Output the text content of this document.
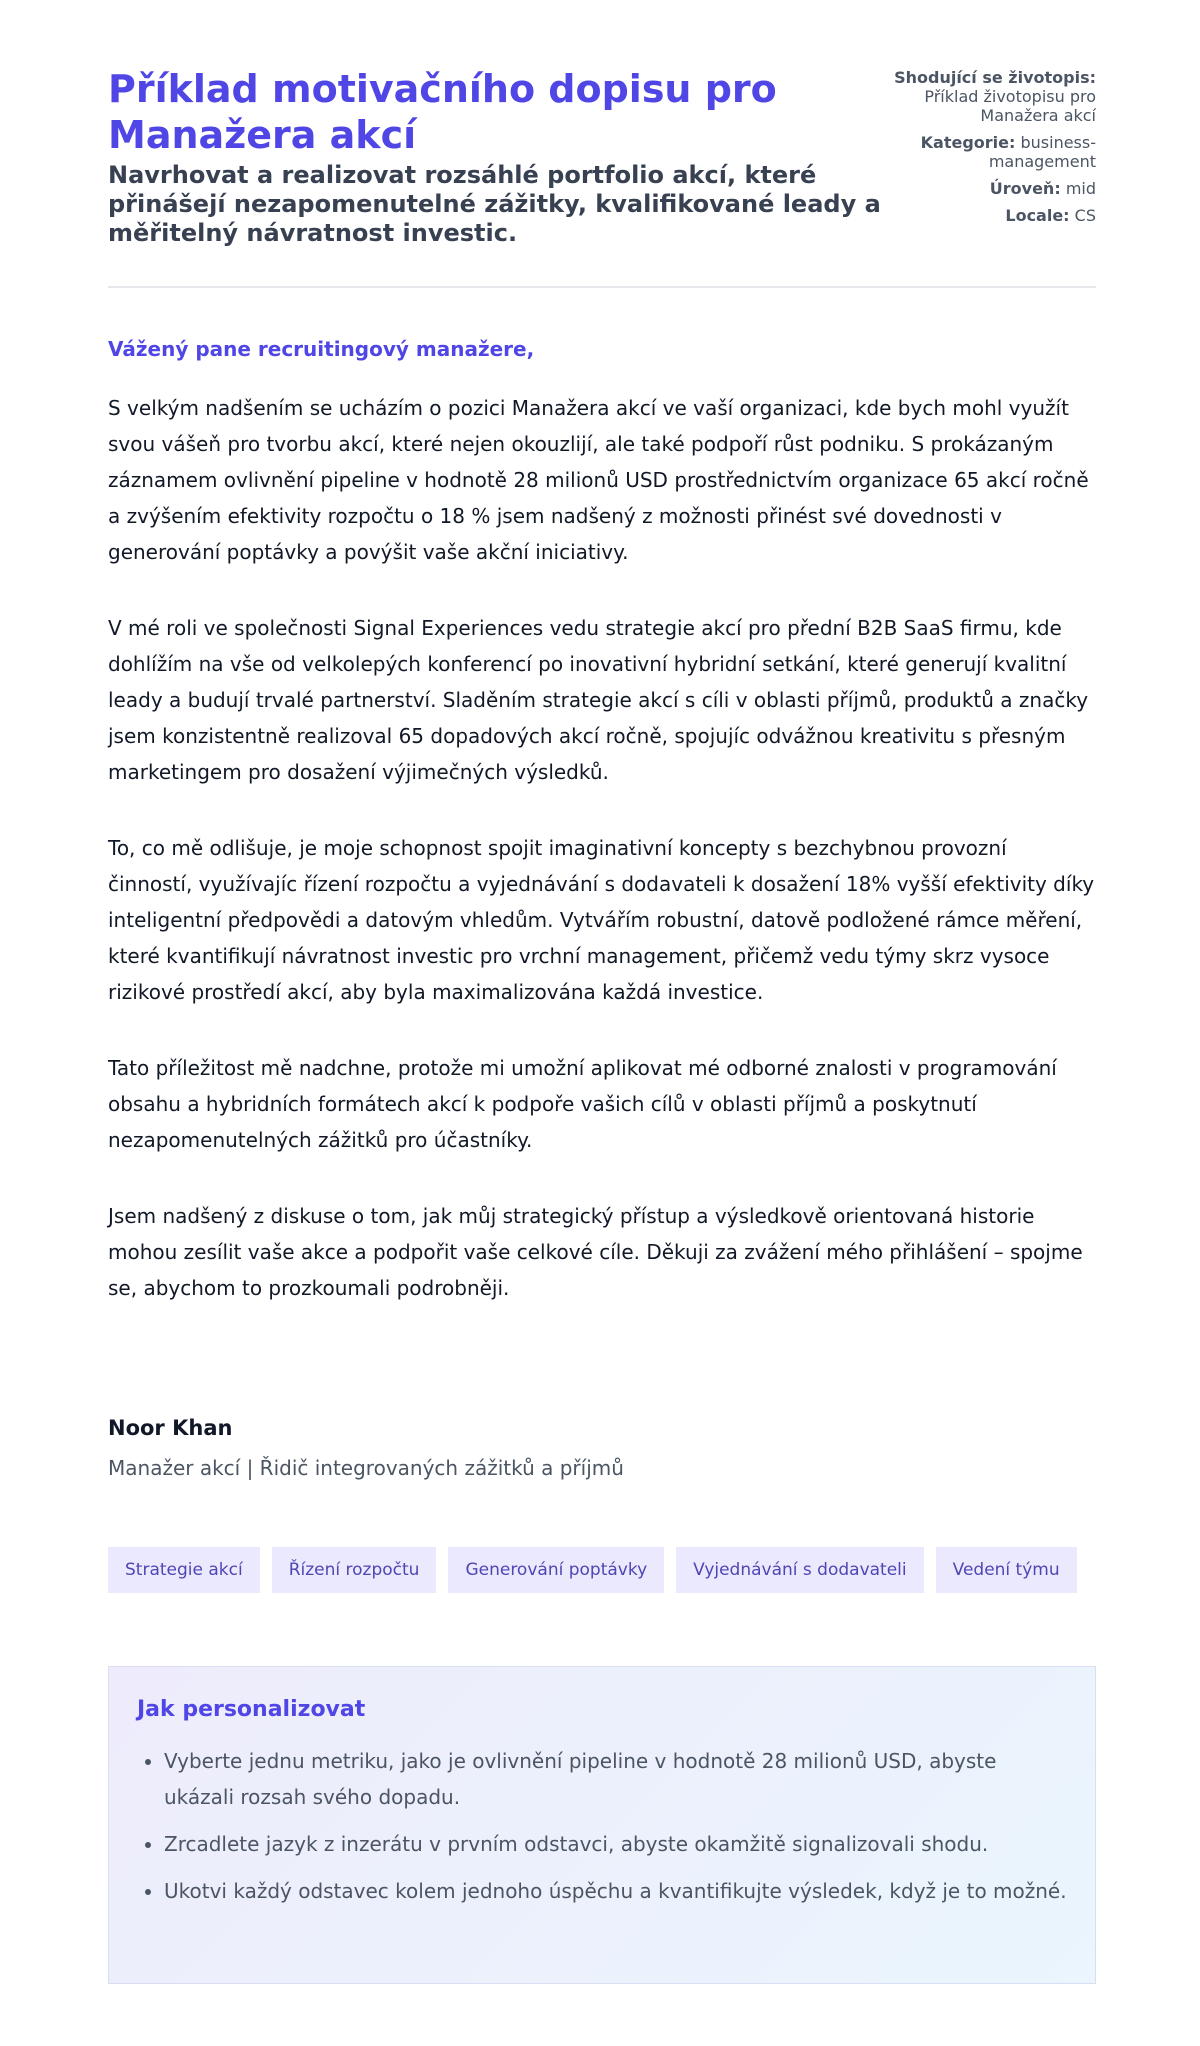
Příklad motivačního dopisu pro Manažera akcí
Navrhovat a realizovat rozsáhlé portfolio akcí, které přinášejí nezapomenutelné zážitky, kvalifikované leady a měřitelný návratnost investic.
Shodující se životopis: Příklad životopisu pro Manažera akcí
Kategorie: business-management
Úroveň: mid
Locale: CS

Vážený pane recruitingový manažere,

S velkým nadšením se ucházím o pozici Manažera akcí ve vaší organizaci, kde bych mohl využít svou vášeň pro tvorbu akcí, které nejen okouzlijí, ale také podpoří růst podniku. S prokázaným záznamem ovlivnění pipeline v hodnotě 28 milionů USD prostřednictvím organizace 65 akcí ročně a zvýšením efektivity rozpočtu o 18 % jsem nadšený z možnosti přinést své dovednosti v generování poptávky a povýšit vaše akční iniciativy.

V mé roli ve společnosti Signal Experiences vedu strategie akcí pro přední B2B SaaS firmu, kde dohlížím na vše od velkolepých konferencí po inovativní hybridní setkání, které generují kvalitní leady a budují trvalé partnerství. Sladěním strategie akcí s cíli v oblasti příjmů, produktů a značky jsem konzistentně realizoval 65 dopadových akcí ročně, spojujíc odvážnou kreativitu s přesným marketingem pro dosažení výjimečných výsledků.

To, co mě odlišuje, je moje schopnost spojit imaginativní koncepty s bezchybnou provozní činností, využívajíc řízení rozpočtu a vyjednávání s dodavateli k dosažení 18% vyšší efektivity díky inteligentní předpovědi a datovým vhledům. Vytvářím robustní, datově podložené rámce měření, které kvantifikují návratnost investic pro vrchní management, přičemž vedu týmy skrz vysoce rizikové prostředí akcí, aby byla maximalizována každá investice.

Tato příležitost mě nadchne, protože mi umožní aplikovat mé odborné znalosti v programování obsahu a hybridních formátech akcí k podpoře vašich cílů v oblasti příjmů a poskytnutí nezapomenutelných zážitků pro účastníky.

Jsem nadšený z diskuse o tom, jak můj strategický přístup a výsledkově orientovaná historie mohou zesílit vaše akce a podpořit vaše celkové cíle. Děkuji za zvážení mého přihlášení – spojme se, abychom to prozkoumali podrobněji.

Noor Khan
Manažer akcí | Řidič integrovaných zážitků a příjmů
Strategie akcí	Řízení rozpočtu	Generování poptávky	Vyjednávání s dodavateli	Vedení týmu
Jak personalizovat
• Vyberte jednu metriku, jako je ovlivnění pipeline v hodnotě 28 milionů USD, abyste ukázali rozsah svého dopadu.
• Zrcadlete jazyk z inzerátu v prvním odstavci, abyste okamžitě signalizovali shodu.
• Ukotvi každý odstavec kolem jednoho úspěchu a kvantifikujte výsledek, když je to možné.
